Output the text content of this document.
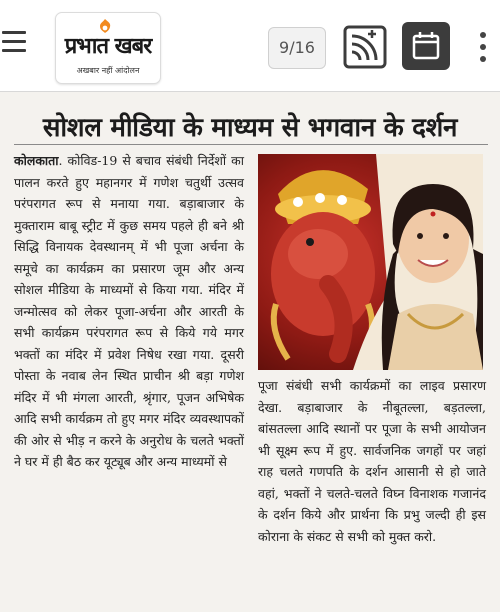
प्रभात खबर
अखबार नहीं आंदोलन
9/16
सोशल मीडिया के माध्यम से भगवान के दर्शन
कोलकाता. कोविड-19 से बचाव संबंधी निर्देशों का पालन करते हुए महानगर में गणेश चतुर्थी उत्सव परंपरागत रूप से मनाया गया. बड़ाबाजार के मुक्ताराम बाबू स्ट्रीट में कुछ समय पहले ही बने श्री सिद्धि विनायक देवस्थानम् में भी पूजा अर्चना के समूचे का कार्यक्रम का प्रसारण जूम और अन्य सोशल मीडिया के माध्यमों से किया गया. मंदिर में जन्मोत्सव को लेकर पूजा-अर्चना और आरती के सभी कार्यक्रम परंपरागत रूप से किये गये मगर भक्तों का मंदिर में प्रवेश निषेध रखा गया. दूसरी पोस्ता के नवाब लेन स्थित प्राचीन श्री बड़ा गणेश मंदिर में भी मंगला आरती, श्रृंगार, पूजन अभिषेक आदि सभी कार्यक्रम तो हुए मगर मंदिर व्यवस्थापकों की ओर से भीड़ न करने के अनुरोध के चलते भक्तों ने घर में ही बैठ कर यूट्यूब और अन्य माध्यमों से
पूजा संबंधी सभी कार्यक्रमों का लाइव प्रसारण देखा. बड़ाबाजार के नीबूतल्ला, बड़तल्ला, बांसतल्ला आदि स्थानों पर पूजा के सभी आयोजन भी सूक्ष्म रूप में हुए. सार्वजनिक जगहों पर जहां राह चलते गणपति के दर्शन आसानी से हो जाते वहां, भक्तों ने चलते-चलते विघ्न विनाशक गजानंद के दर्शन किये और प्रार्थना कि प्रभु जल्दी ही इस कोराना के संकट से सभी को मुक्त करो.
